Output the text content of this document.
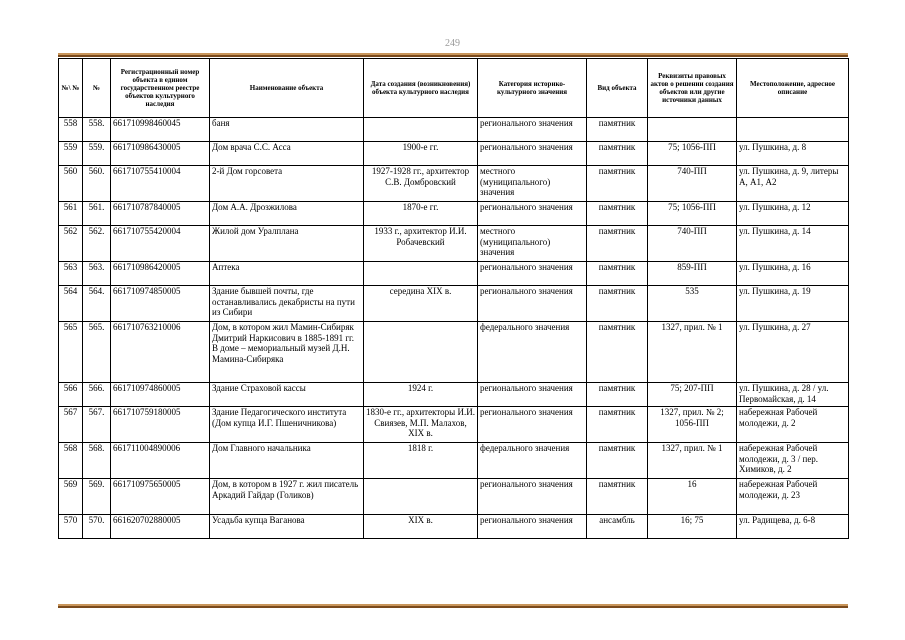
249
№\ №	№	Регистрационный номер объекта в едином государственном реестре объектов культурного наследия	Наименование объекта	Дата создания (возникновения) объекта культурного наследия	Категория историко-культурного значения	Вид объекта	Реквизиты правовых актов о решении создания объектов или другие источники данных	Местоположение, адресное описание
558	558.	661710998460045	баня		регионального значения	памятник		
559	559.	661710986430005	Дом врача С.С. Асса	1900-е гг.	регионального значения	памятник	75; 1056-ПП	ул. Пушкина, д. 8
560	560.	661710755410004	2-й Дом горсовета	1927-1928 гг., архитектор С.В. Домбровский	местного (муниципального) значения	памятник	740-ПП	ул. Пушкина, д. 9, литеры А, А1, А2
561	561.	661710787840005	Дом А.А. Дрозжилова	1870-е гг.	регионального значения	памятник	75; 1056-ПП	ул. Пушкина, д. 12
562	562.	661710755420004	Жилой дом Уралплана	1933 г., архитектор И.И. Робачевский	местного (муниципального) значения	памятник	740-ПП	ул. Пушкина, д. 14
563	563.	661710986420005	Аптека		регионального значения	памятник	859-ПП	ул. Пушкина, д. 16
564	564.	661710974850005	Здание бывшей почты, где останавливались декабристы на пути из Сибири	середина XIX в.	регионального значения	памятник	535	ул. Пушкина, д. 19
565	565.	661710763210006	Дом, в котором жил Мамин-Сибиряк Дмитрий Наркисович в 1885-1891 гг.
В доме – мемориальный музей Д.Н. Мамина-Сибиряка		федерального значения	памятник	1327, прил. № 1	ул. Пушкина, д. 27
566	566.	661710974860005	Здание Страховой кассы	1924 г.	регионального значения	памятник	75; 207-ПП	ул. Пушкина, д. 28 / ул. Первомайская, д. 14
567	567.	661710759180005	Здание Педагогического института (Дом купца И.Г. Пшеничникова)	1830-е гг., архитекторы И.И. Свиязев, М.П. Малахов, XIX в.	регионального значения	памятник	1327, прил. № 2; 1056-ПП	набережная Рабочей молодежи, д. 2
568	568.	661711004890006	Дом Главного начальника	1818 г.	федерального значения	памятник	1327, прил. № 1	набережная Рабочей молодежи, д. 3 / пер. Химиков, д. 2
569	569.	661710975650005	Дом, в котором в 1927 г. жил писатель Аркадий Гайдар (Голиков)		регионального значения	памятник	16	набережная Рабочей молодежи, д. 23
570	570.	661620702880005	Усадьба купца Ваганова	XIX в.	регионального значения	ансамбль	16; 75	ул. Радищева, д. 6-8
